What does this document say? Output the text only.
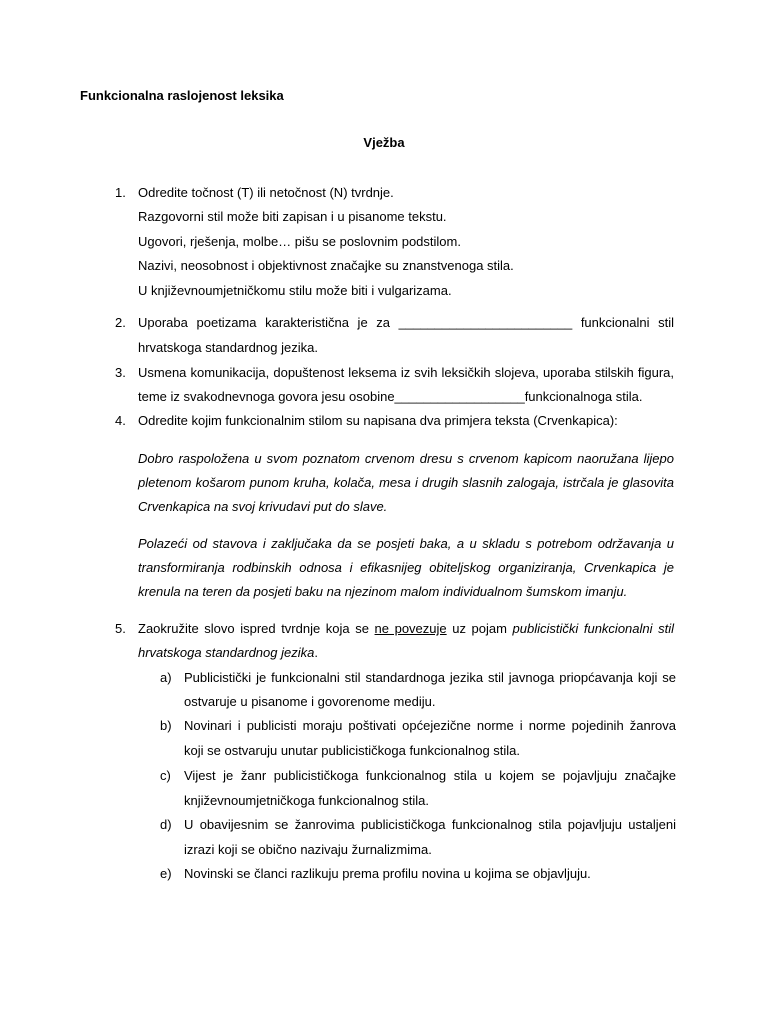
Funkcionalna raslojenost leksika

Vježba

1. Odredite točnost (T) ili netočnost (N) tvrdnje.
Razgovorni stil može biti zapisan i u pisanome tekstu.
Ugovori, rješenja, molbe… pišu se poslovnim podstilom.
Nazivi, neosobnost i objektivnost značajke su znanstvenoga stila.
U književnoumjetničkomu stilu može biti i vulgarizama.
2. Uporaba poetizama karakteristična je za ________________________ funkcionalni stil
hrvatskoga standardnog jezika.
3. Usmena komunikacija, dopuštenost leksema iz svih leksičkih slojeva, uporaba stilskih figura,
teme iz svakodnevnoga govora jesu osobine__________________funkcionalnoga stila.
4. Odredite kojim funkcionalnim stilom su napisana dva primjera teksta (Crvenkapica):
Dobro raspoložena u svom poznatom crvenom dresu s crvenom kapicom naoružana lijepo
pletenom košarom punom kruha, kolača, mesa i drugih slasnih zalogaja, istrčala je glasovita
Crvenkapica na svoj krivudavi put do slave.
Polazeći od stavova i zaključaka da se posjeti baka, a u skladu s potrebom održavanja u
transformiranja rodbinskih odnosa i efikasnijeg obiteljskog organiziranja, Crvenkapica je
krenula na teren da posjeti baku na njezinom malom individualnom šumskom imanju.
5. Zaokružite slovo ispred tvrdnje koja se ne povezuje uz pojam publicistički funkcionalni stil
hrvatskoga standardnog jezika.
a) Publicistički je funkcionalni stil standardnoga jezika stil javnoga priopćavanja koji se
ostvaruje u pisanome i govorenome mediju.
b) Novinari i publicisti moraju poštivati općejezične norme i norme pojedinih žanrova
koji se ostvaruju unutar publicističkoga funkcionalnog stila.
c) Vijest je žanr publicističkoga funkcionalnog stila u kojem se pojavljuju značajke
književnoumjetničkoga funkcionalnog stila.
d) U obavijesnim se žanrovima publicističkoga funkcionalnog stila pojavljuju ustaljeni
izrazi koji se obično nazivaju žurnalizmima.
e) Novinski se članci razlikuju prema profilu novina u kojima se objavljuju.
